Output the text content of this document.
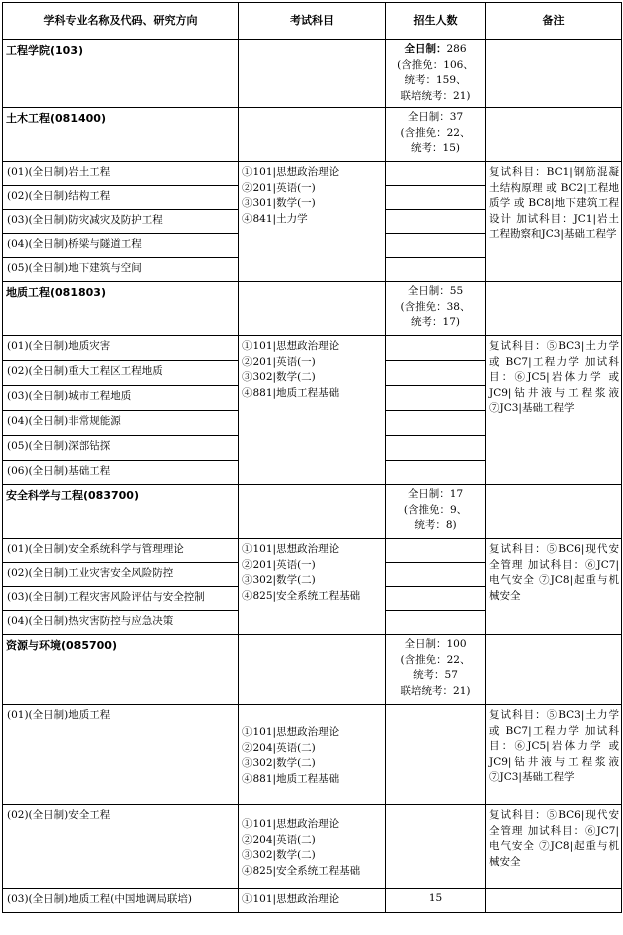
学科专业名称及代码、研究方向	考试科目	招生人数	备注
工程学院(103)		全日制：286
(含推免：106、
统考：159、
联培统考：21)	

土木工程(081400)		全日制：37
(含推免：22、
统考：15)	

(01)(全日制)岩土工程	①101|思想政治理论
②201|英语(一)
③301|数学(一)
④841|土力学		复试科目：BC1|钢筋混凝土结构原理 或 BC2|工程地质学 或 BC8|地下建筑工程设计 加试科目：JC1|岩土工程勘察和JC3|基础工程学
(02)(全日制)结构工程			
(03)(全日制)防灾减灾及防护工程			
(04)(全日制)桥梁与隧道工程			
(05)(全日制)地下建筑与空间			
地质工程(081803)		全日制：55
(含推免：38、
统考：17)	

(01)(全日制)地质灾害	①101|思想政治理论
②201|英语(一)
③302|数学(二)
④881|地质工程基础		复试科目：⑤BC3|土力学 或 BC7|工程力学 加试科目：⑥JC5|岩体力学 或 JC9|钻井液与工程浆液 ⑦JC3|基础工程学
(02)(全日制)重大工程区工程地质			
(03)(全日制)城市工程地质			
(04)(全日制)非常规能源			
(05)(全日制)深部钻探			
(06)(全日制)基础工程			
安全科学与工程(083700)		全日制：17
(含推免：9、
统考：8)	

(01)(全日制)安全系统科学与管理理论	①101|思想政治理论
②201|英语(一)
③302|数学(二)
④825|安全系统工程基础		复试科目：⑤BC6|现代安全管理 加试科目：⑥JC7|电气安全 ⑦JC8|起重与机械安全
(02)(全日制)工业灾害安全风险防控			
(03)(全日制)工程灾害风险评估与安全控制			
(04)(全日制)热灾害防控与应急决策			
资源与环境(085700)		全日制：100
(含推免：22、
统考：57
联培统考：21)	

(01)(全日制)地质工程	①101|思想政治理论
②204|英语(二)
③302|数学(二)
④881|地质工程基础		复试科目：⑤BC3|土力学 或 BC7|工程力学 加试科目：⑥JC5|岩体力学 或 JC9|钻井液与工程浆液 ⑦JC3|基础工程学
(02)(全日制)安全工程	①101|思想政治理论
②204|英语(二)
③302|数学(二)
④825|安全系统工程基础		复试科目：⑤BC6|现代安全管理 加试科目：⑥JC7|电气安全 ⑦JC8|起重与机械安全
(03)(全日制)地质工程(中国地调局联培)	①101|思想政治理论	15	
